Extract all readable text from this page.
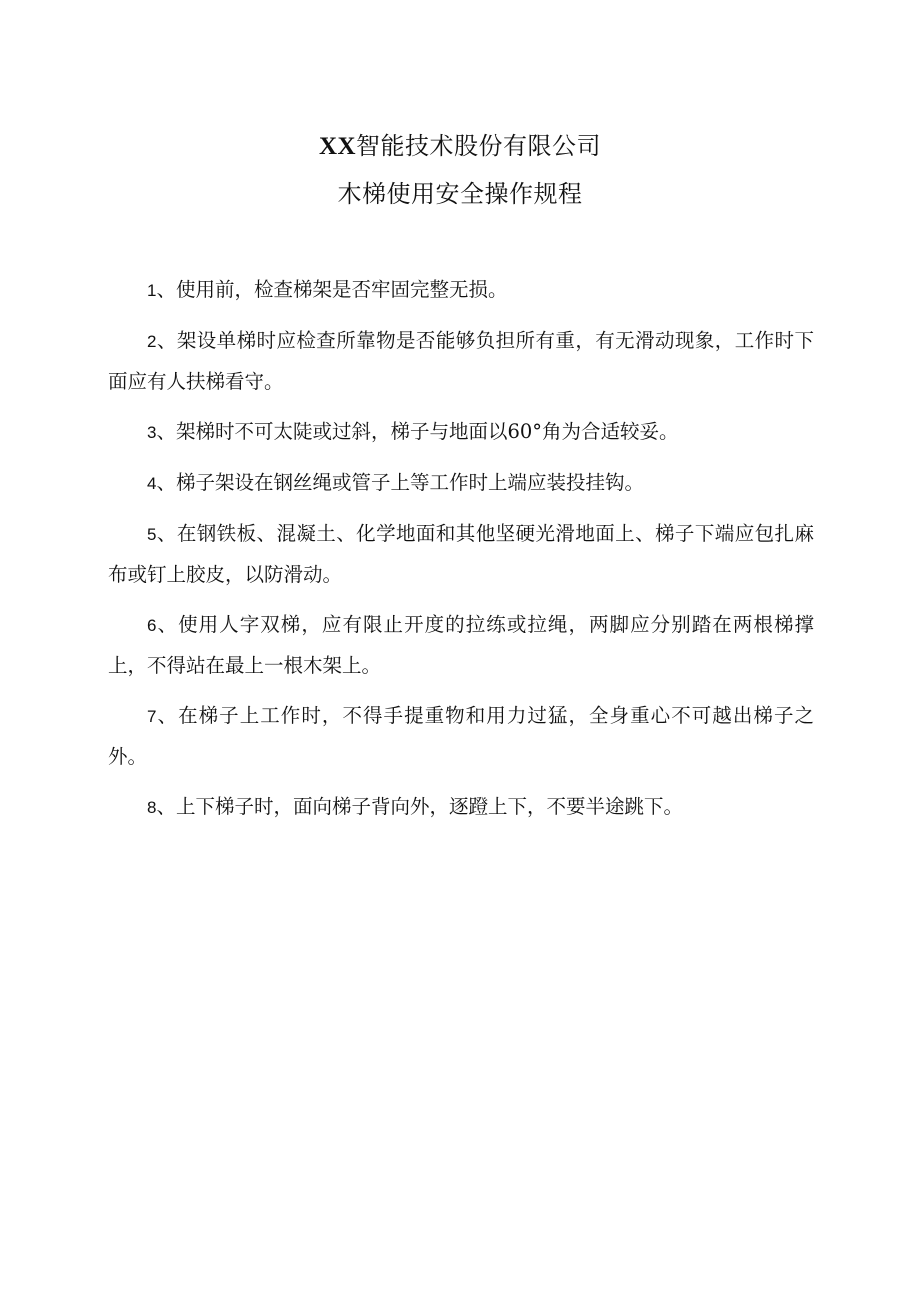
XX智能技术股份有限公司
木梯使用安全操作规程

1、使用前，检查梯架是否牢固完整无损。

2、架设单梯时应检查所靠物是否能够负担所有重，有无滑动现象，工作时下面应有人扶梯看守。

3、架梯时不可太陡或过斜，梯子与地面以60°角为合适较妥。

4、梯子架设在钢丝绳或管子上等工作时上端应装投挂钩。

5、在钢铁板、混凝土、化学地面和其他坚硬光滑地面上、梯子下端应包扎麻布或钉上胶皮，以防滑动。

6、使用人字双梯，应有限止开度的拉练或拉绳，两脚应分别踏在两根梯撑上，不得站在最上一根木架上。

7、在梯子上工作时，不得手提重物和用力过猛，全身重心不可越出梯子之外。

8、上下梯子时，面向梯子背向外，逐蹬上下，不要半途跳下。
